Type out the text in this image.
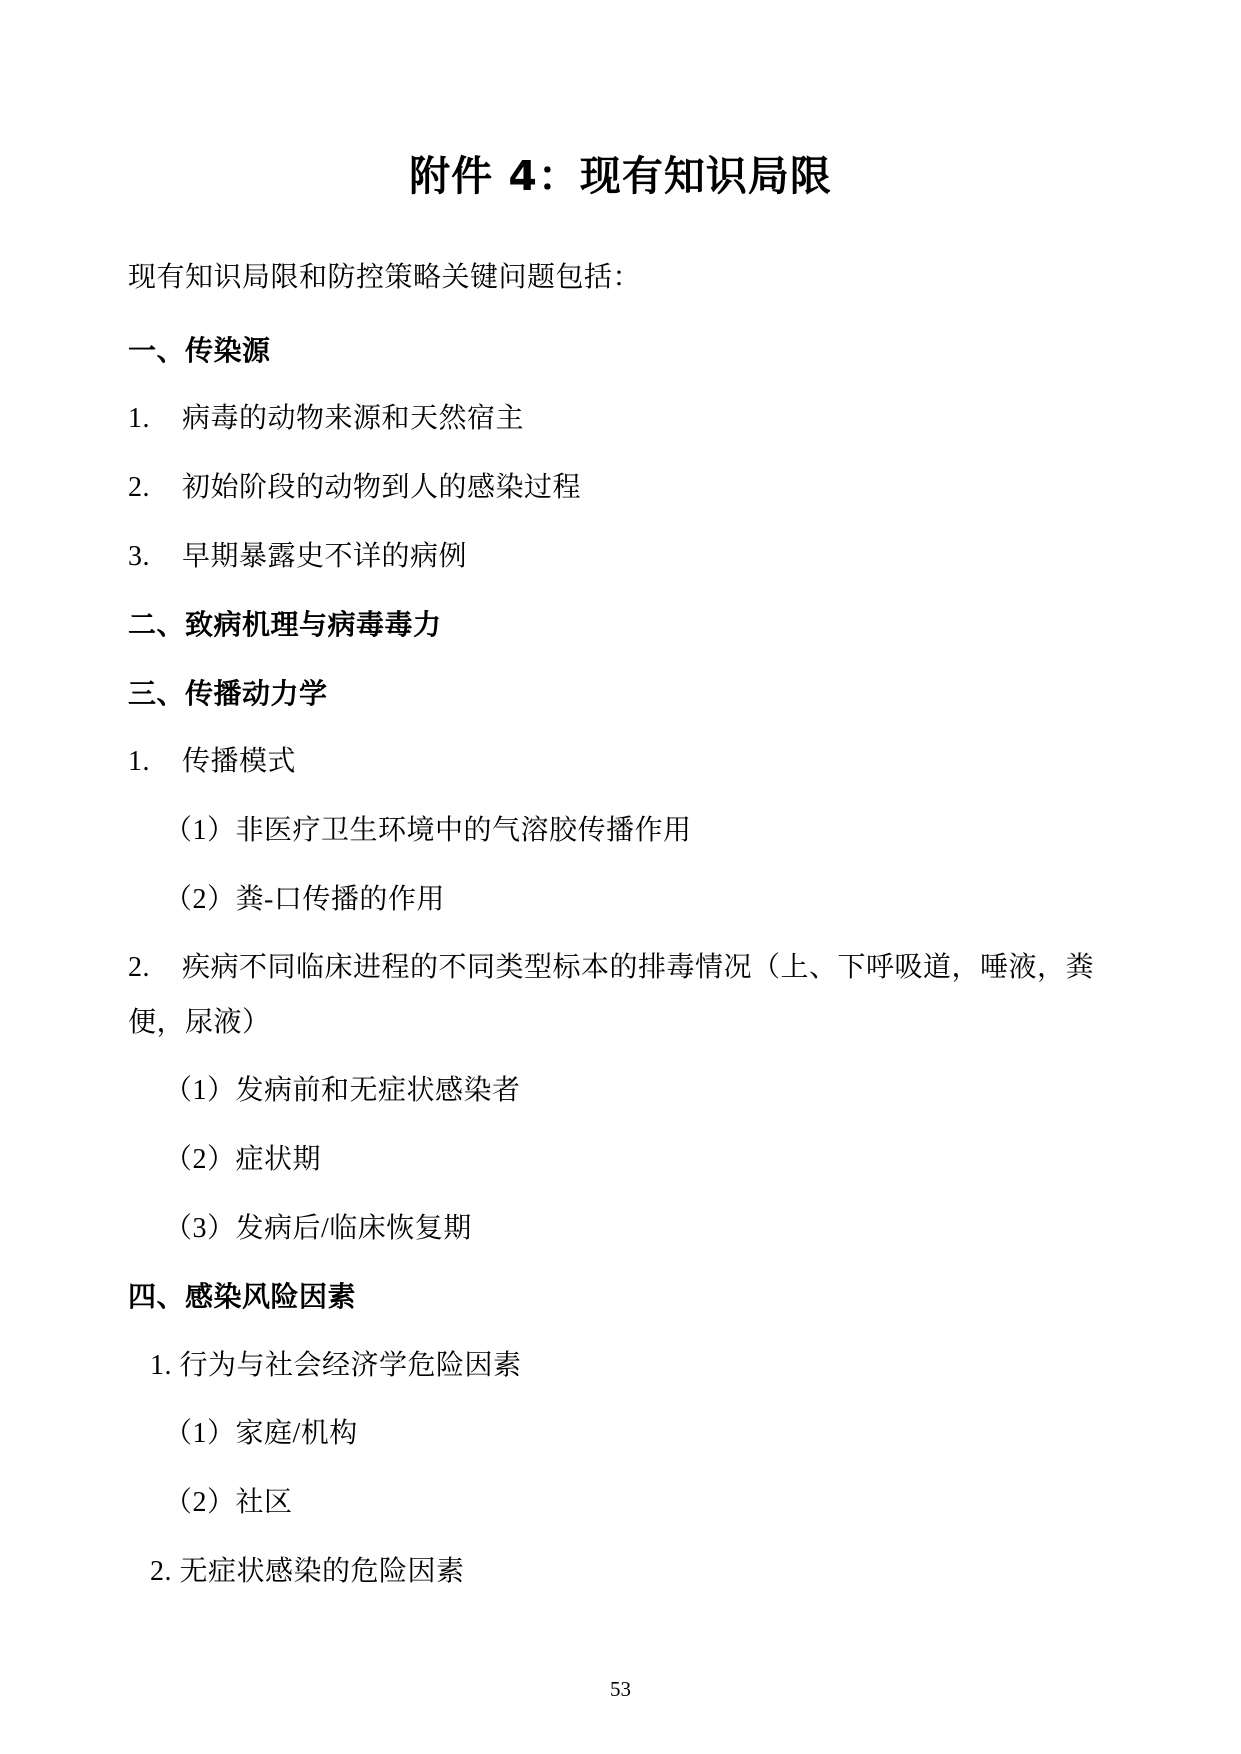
附件 4：现有知识局限

现有知识局限和防控策略关键问题包括：

一、传染源

1. 病毒的动物来源和天然宿主

2. 初始阶段的动物到人的感染过程

3. 早期暴露史不详的病例

二、致病机理与病毒毒力

三、传播动力学

1. 传播模式

（1）非医疗卫生环境中的气溶胶传播作用

（2）粪-口传播的作用

2. 疾病不同临床进程的不同类型标本的排毒情况（上、下呼吸道，唾液，粪便，尿液）

（1）发病前和无症状感染者

（2）症状期

（3）发病后/临床恢复期

四、感染风险因素

1. 行为与社会经济学危险因素

（1）家庭/机构

（2）社区

2. 无症状感染的危险因素

53
